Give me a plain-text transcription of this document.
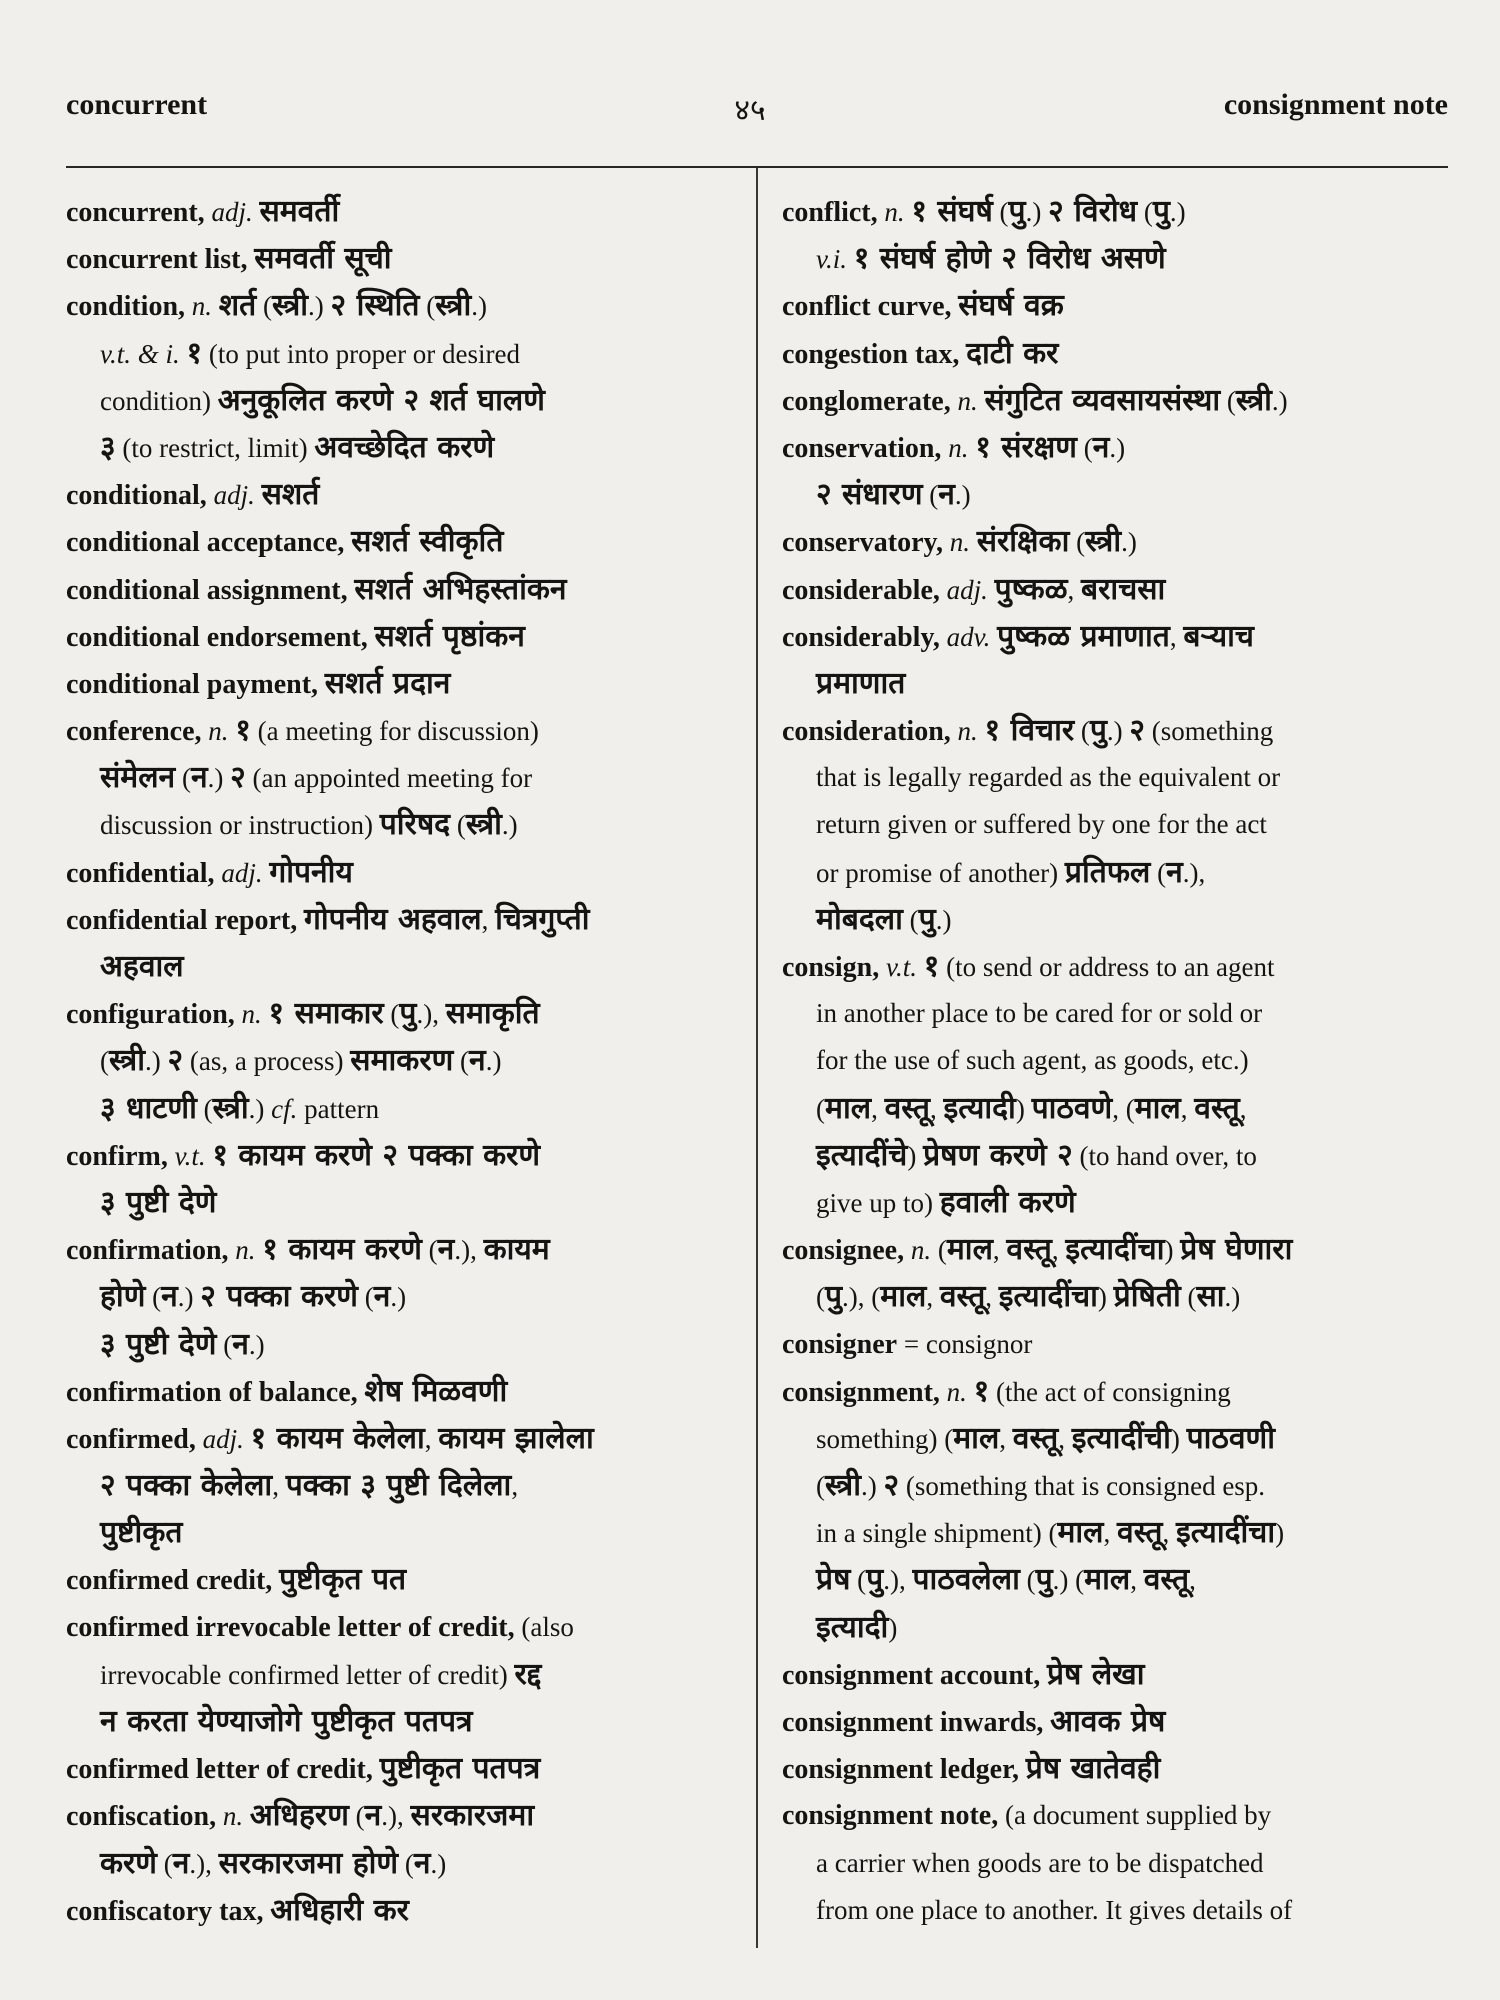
concurrent	४५	consignment note
concurrent, adj. समवर्ती
concurrent list, समवर्ती सूची
condition, n. शर्त (स्त्री.) २ स्थिति (स्त्री.)
v.t. & i. १ (to put into proper or desired
condition) अनुकूलित करणे २ शर्त घालणे
३ (to restrict, limit) अवच्छेदित करणे
conditional, adj. सशर्त
conditional acceptance, सशर्त स्वीकृति
conditional assignment, सशर्त अभिहस्तांकन
conditional endorsement, सशर्त पृष्ठांकन
conditional payment, सशर्त प्रदान
conference, n. १ (a meeting for discussion)
संमेलन (न.) २ (an appointed meeting for
discussion or instruction) परिषद (स्त्री.)
confidential, adj. गोपनीय
confidential report, गोपनीय अहवाल, चित्रगुप्ती
अहवाल
configuration, n. १ समाकार (पु.), समाकृति
(स्त्री.) २ (as, a process) समाकरण (न.)
३ धाटणी (स्त्री.) cf. pattern
confirm, v.t. १ कायम करणे २ पक्का करणे
३ पुष्टी देणे
confirmation, n. १ कायम करणे (न.), कायम
होणे (न.) २ पक्का करणे (न.)
३ पुष्टी देणे (न.)
confirmation of balance, शेष मिळवणी
confirmed, adj. १ कायम केलेला, कायम झालेला
२ पक्का केलेला, पक्का ३ पुष्टी दिलेला,
पुष्टीकृत
confirmed credit, पुष्टीकृत पत
confirmed irrevocable letter of credit, (also
irrevocable confirmed letter of credit) रद्द
न करता येण्याजोगे पुष्टीकृत पतपत्र
confirmed letter of credit, पुष्टीकृत पतपत्र
confiscation, n. अधिहरण (न.), सरकारजमा
करणे (न.), सरकारजमा होणे (न.)
confiscatory tax, अधिहारी कर
conflict, n. १ संघर्ष (पु.) २ विरोध (पु.)
v.i. १ संघर्ष होणे २ विरोध असणे
conflict curve, संघर्ष वक्र
congestion tax, दाटी कर
conglomerate, n. संगुटित व्यवसायसंस्था (स्त्री.)
conservation, n. १ संरक्षण (न.)
२ संधारण (न.)
conservatory, n. संरक्षिका (स्त्री.)
considerable, adj. पुष्कळ, बराचसा
considerably, adv. पुष्कळ प्रमाणात, बऱ्याच
प्रमाणात
consideration, n. १ विचार (पु.) २ (something
that is legally regarded as the equivalent or
return given or suffered by one for the act
or promise of another) प्रतिफल (न.),
मोबदला (पु.)
consign, v.t. १ (to send or address to an agent
in another place to be cared for or sold or
for the use of such agent, as goods, etc.)
(माल, वस्तू, इत्यादी) पाठवणे, (माल, वस्तू,
इत्यादींचे) प्रेषण करणे २ (to hand over, to
give up to) हवाली करणे
consignee, n. (माल, वस्तू, इत्यादींचा) प्रेष घेणारा
(पु.), (माल, वस्तू, इत्यादींचा) प्रेषिती (सा.)
consigner = consignor
consignment, n. १ (the act of consigning
something) (माल, वस्तू, इत्यादींची) पाठवणी
(स्त्री.) २ (something that is consigned esp.
in a single shipment) (माल, वस्तू, इत्यादींचा)
प्रेष (पु.), पाठवलेला (पु.) (माल, वस्तू,
इत्यादी)
consignment account, प्रेष लेखा
consignment inwards, आवक प्रेष
consignment ledger, प्रेष खातेवही
consignment note, (a document supplied by
a carrier when goods are to be dispatched
from one place to another. It gives details of
